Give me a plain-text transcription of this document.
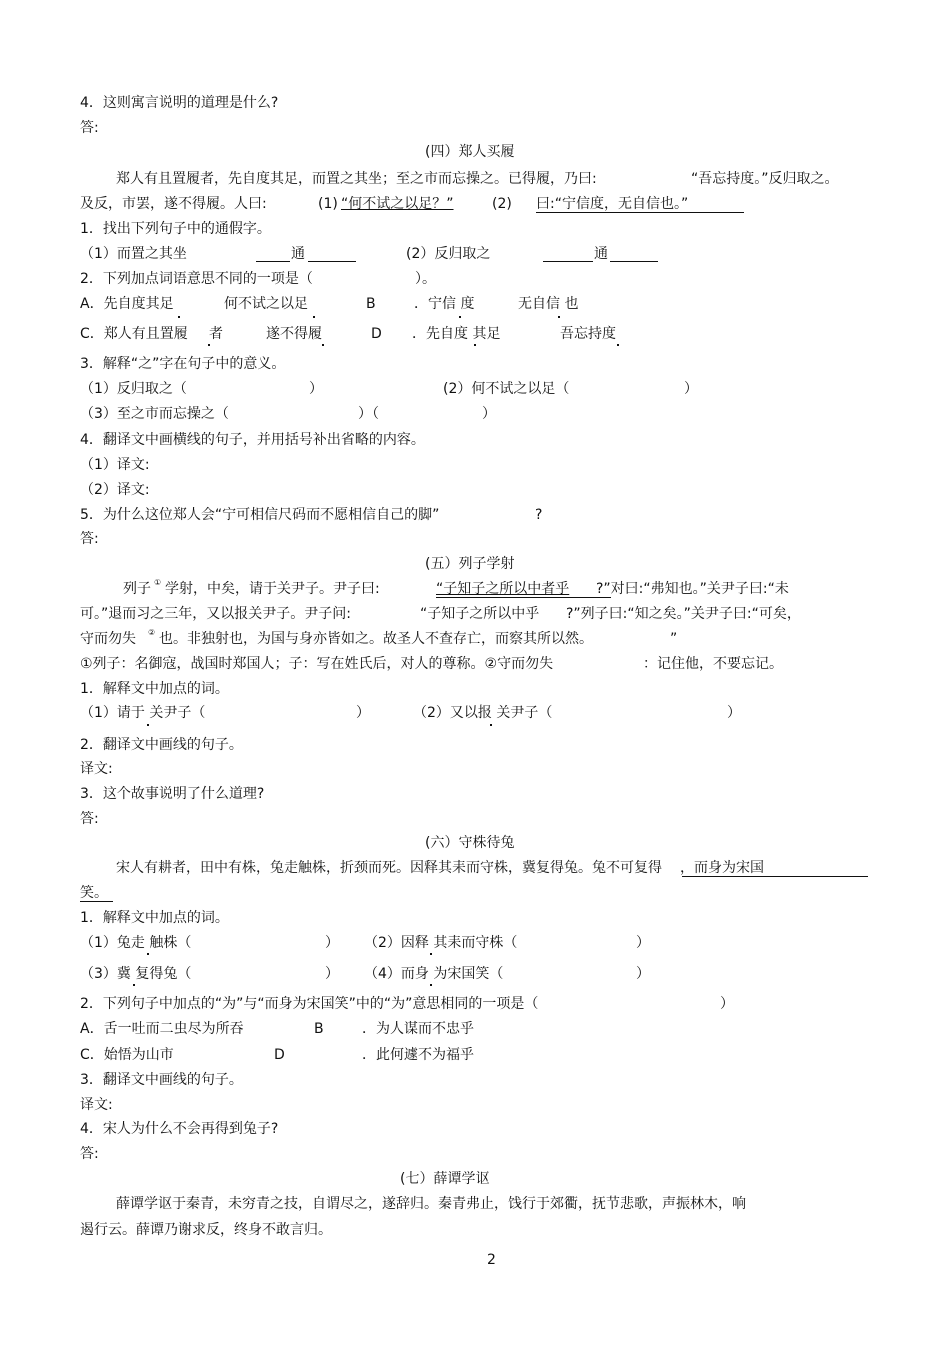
4．这则寓言说明的道理是什么?
答:
(四）郑人买履
郑人有且置履者，先自度其足，而置之其坐；至之市而忘操之。已得履，乃曰:	“吾忘持度。”反归取之。
及反，市罢，遂不得履。人曰:	(1) “何不试之以足？”	(2) 曰:“宁信度，无自信也。”
1．找出下列句子中的通假字。
（1）而置之其坐	通	(2）反归取之	通
2．下列加点词语意思不同的一项是（	）。
A．先自度其足	何不试之以足	B	．宁信 度	无自信 也
C．郑人有且置履 者	遂不得履	D ．先自度 其足	吾忘持度
3．解释“之”字在句子中的意义。
（1）反归取之（	）	(2）何不试之以足（	）
（3）至之市而忘操之（	）（	）
4．翻译文中画横线的句子，并用括号补出省略的内容。
（1）译文:
（2）译文:
5．为什么这位郑人会“宁可相信尺码而不愿相信自己的脚”	?
答:
(五）列子学射
列子 ① 学射，中矣，请于关尹子。尹子曰:	“子知子之所以中者乎 ?”对曰:“弗知也。”关尹子曰:“未
可。”退而习之三年，又以报关尹子。尹子问:	“子知子之所以中乎 ?”列子曰:“知之矣。”关尹子曰:“可矣，
守而勿失 ② 也。非独射也，为国与身亦皆如之。故圣人不查存亡，而察其所以然。	”
①列子：名御寇，战国时郑国人；子：写在姓氏后，对人的尊称。②守而勿失	：记住他，不要忘记。
1．解释文中加点的词。
（1）请于 关尹子（	）	（2）又以报 关尹子（	）
2．翻译文中画线的句子。
译文:
3．这个故事说明了什么道理?
答:
(六）守株待兔
宋人有耕者，田中有株，兔走触株，折颈而死。因释其耒而守株，冀复得兔。兔不可复得 ，而身为宋国
笑。
1．解释文中加点的词。
（1）兔走 触株（	） （2）因释 其耒而守株（	）
（3）冀 复得兔（	） （4）而身 为宋国笑（	）
2．下列句子中加点的“为”与“而身为宋国笑”中的“为”意思相同的一项是（	）
A．舌一吐而二虫尽为所吞	B	．为人谋而不忠乎
C．始悟为山市	D	．此何遽不为福乎
3．翻译文中画线的句子。
译文:
4．宋人为什么不会再得到兔子?
答:
(七）薛谭学讴
薛谭学讴于秦青，未穷青之技，自谓尽之，遂辞归。秦青弗止，饯行于郊衢，抚节悲歌，声振林木，响
遏行云。薛谭乃谢求反，终身不敢言归。
2
